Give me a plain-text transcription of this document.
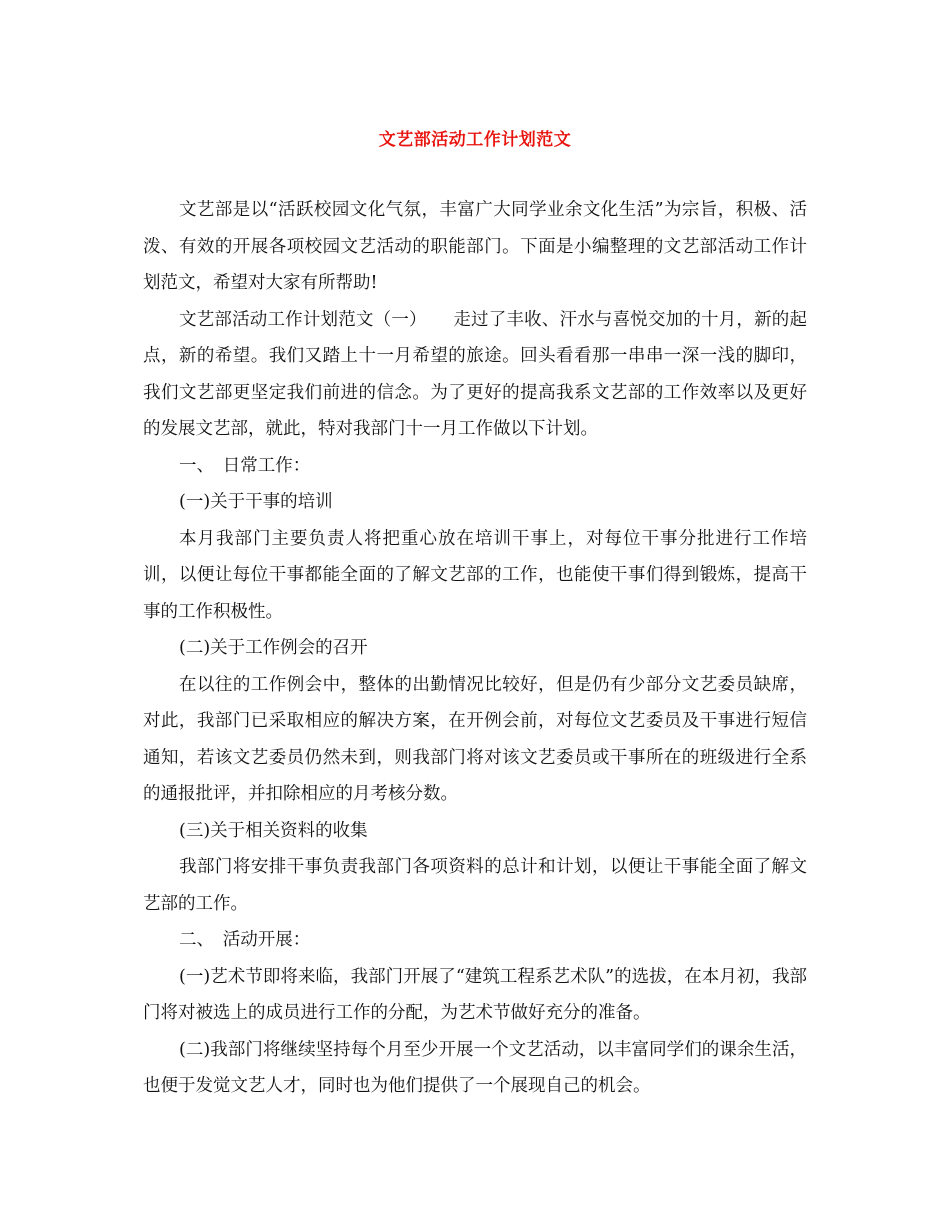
文艺部活动工作计划范文

文艺部是以“活跃校园文化气氛，丰富广大同学业余文化生活”为宗旨，积极、活泼、有效的开展各项校园文艺活动的职能部门。下面是小编整理的文艺部活动工作计划范文，希望对大家有所帮助!

文艺部活动工作计划范文（一）　　走过了丰收、汗水与喜悦交加的十月，新的起点，新的希望。我们又踏上十一月希望的旅途。回头看看那一串串一深一浅的脚印，我们文艺部更坚定我们前进的信念。为了更好的提高我系文艺部的工作效率以及更好的发展文艺部，就此，特对我部门十一月工作做以下计划。

一、　日常工作：

(一)关于干事的培训

本月我部门主要负责人将把重心放在培训干事上，对每位干事分批进行工作培训，以便让每位干事都能全面的了解文艺部的工作，也能使干事们得到锻炼，提高干事的工作积极性。

(二)关于工作例会的召开

在以往的工作例会中，整体的出勤情况比较好，但是仍有少部分文艺委员缺席，对此，我部门已采取相应的解决方案，在开例会前，对每位文艺委员及干事进行短信通知，若该文艺委员仍然未到，则我部门将对该文艺委员或干事所在的班级进行全系的通报批评，并扣除相应的月考核分数。

(三)关于相关资料的收集

我部门将安排干事负责我部门各项资料的总计和计划，以便让干事能全面了解文艺部的工作。

二、　活动开展：

(一)艺术节即将来临，我部门开展了“建筑工程系艺术队”的选拔，在本月初，我部门将对被选上的成员进行工作的分配，为艺术节做好充分的准备。

(二)我部门将继续坚持每个月至少开展一个文艺活动，以丰富同学们的课余生活，也便于发觉文艺人才，同时也为他们提供了一个展现自己的机会。
